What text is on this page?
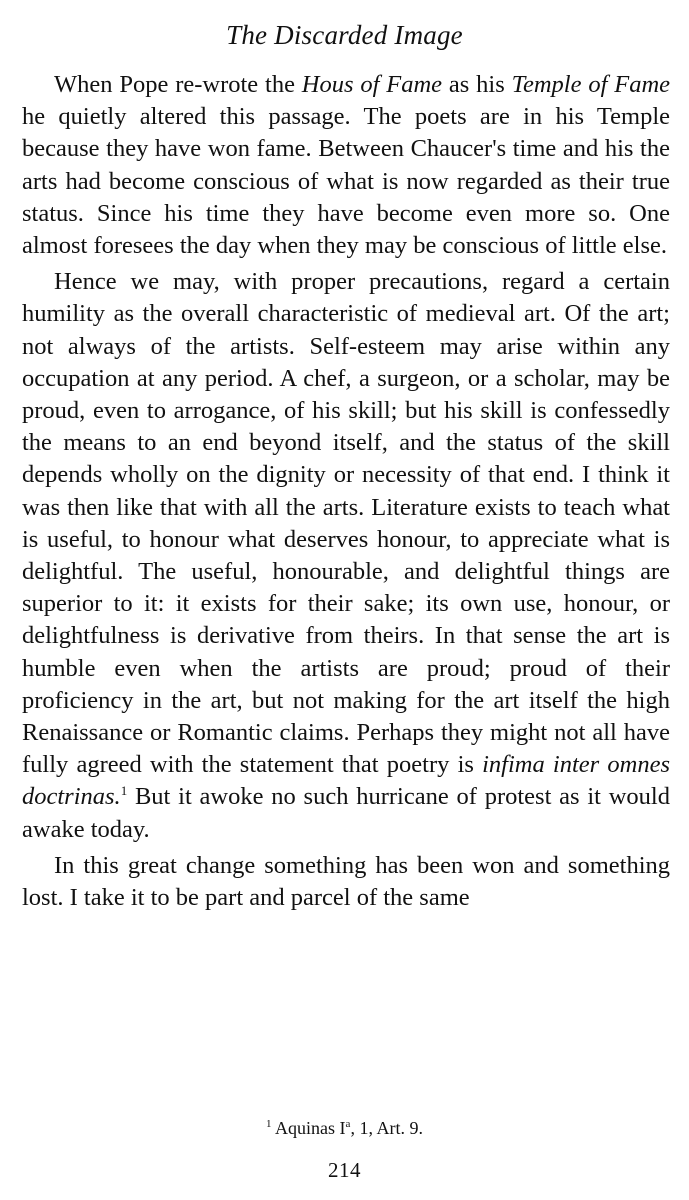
The Discarded Image

When Pope re-wrote the Hous of Fame as his Temple of Fame he quietly altered this passage. The poets are in his Temple because they have won fame. Between Chaucer's time and his the arts had become conscious of what is now regarded as their true status. Since his time they have become even more so. One almost foresees the day when they may be conscious of little else.

Hence we may, with proper precautions, regard a certain humility as the overall characteristic of medieval art. Of the art; not always of the artists. Self-esteem may arise within any occupation at any period. A chef, a surgeon, or a scholar, may be proud, even to arrogance, of his skill; but his skill is confessedly the means to an end beyond itself, and the status of the skill depends wholly on the dignity or necessity of that end. I think it was then like that with all the arts. Literature exists to teach what is useful, to honour what deserves honour, to appreciate what is delightful. The useful, honourable, and delightful things are superior to it: it exists for their sake; its own use, honour, or delightfulness is derivative from theirs. In that sense the art is humble even when the artists are proud; proud of their proficiency in the art, but not making for the art itself the high Renaissance or Romantic claims. Perhaps they might not all have fully agreed with the statement that poetry is infima inter omnes doctrinas.$^1$ But it awoke no such hurricane of protest as it would awake today.

In this great change something has been won and something lost. I take it to be part and parcel of the same

$^1$ Aquinas $I^a$, 1, Art. 9.
214
